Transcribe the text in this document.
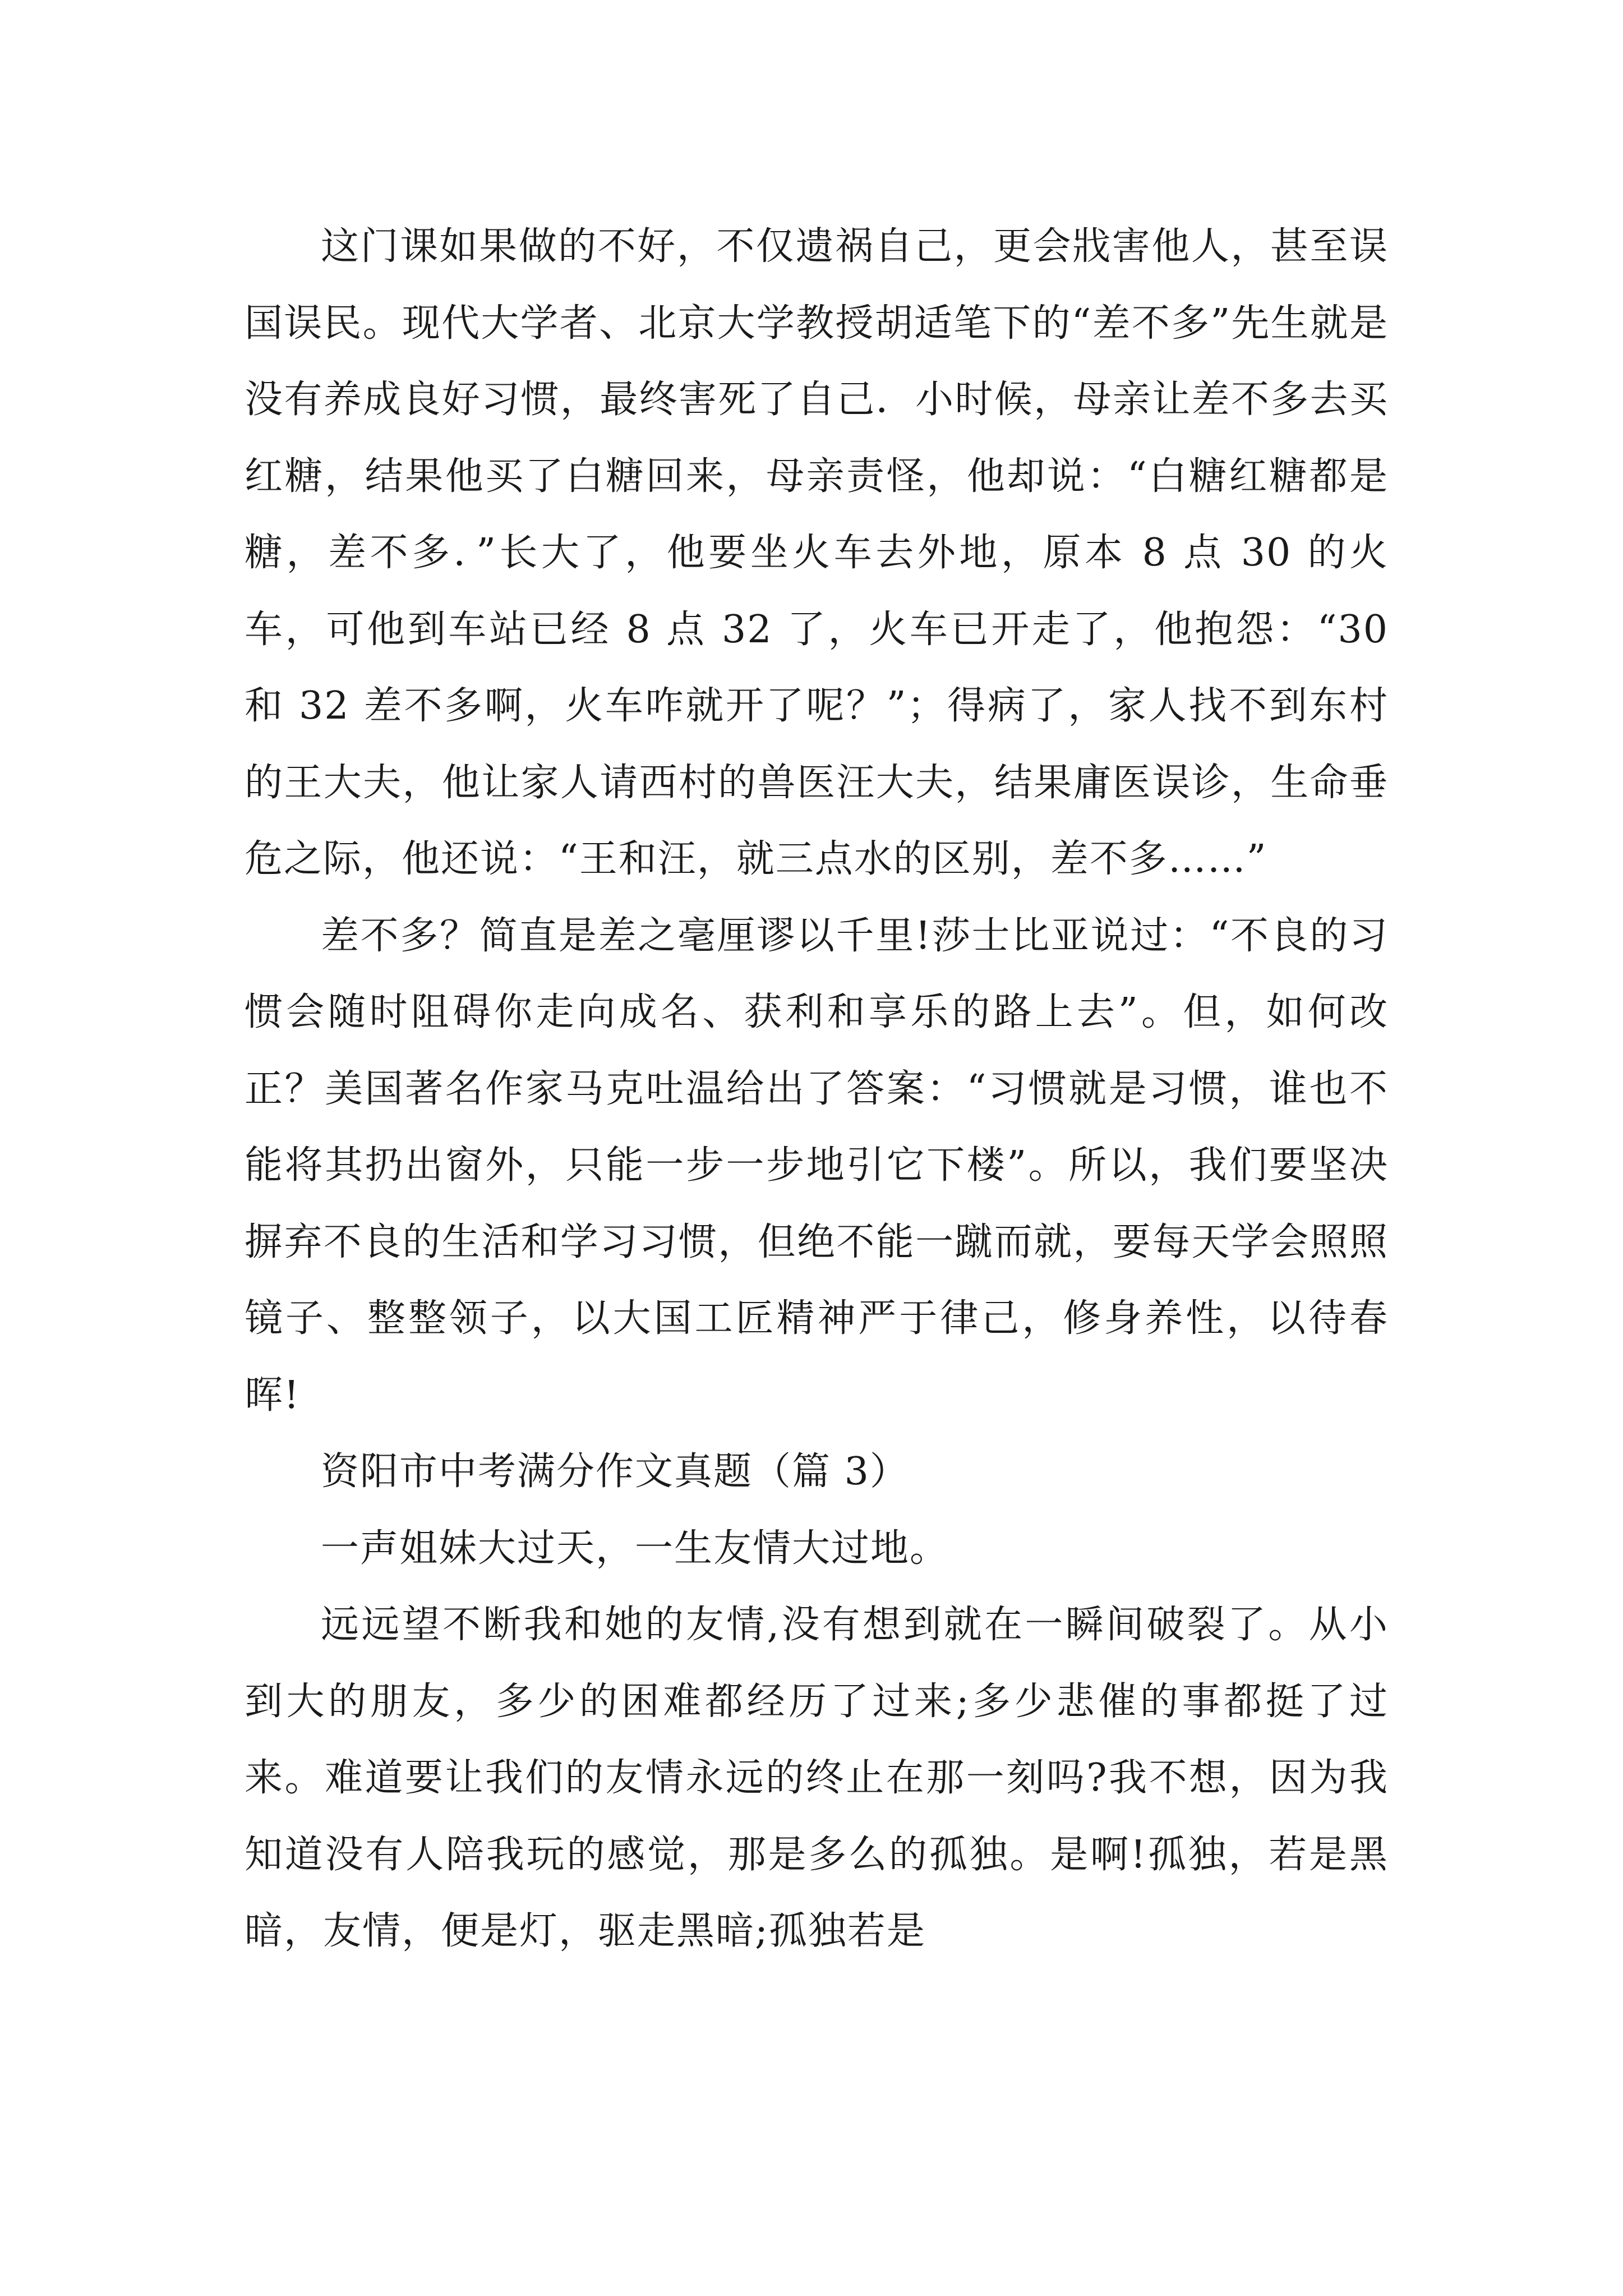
这门课如果做的不好，不仅遗祸自己，更会戕害他人，甚至误国误民。现代大学者、北京大学教授胡适笔下的“差不多”先生就是没有养成良好习惯，最终害死了自己．小时候，母亲让差不多去买红糖，结果他买了白糖回来，母亲责怪，他却说：“白糖红糖都是糖，差不多．”长大了，他要坐火车去外地，原本 8 点 30 的火车，可他到车站已经 8 点 32 了，火车已开走了，他抱怨：“30 和 32 差不多啊，火车咋就开了呢？”；得病了，家人找不到东村的王大夫，他让家人请西村的兽医汪大夫，结果庸医误诊，生命垂危之际，他还说：“王和汪，就三点水的区别，差不多……”

差不多？简直是差之毫厘谬以千里!莎士比亚说过：“不良的习惯会随时阻碍你走向成名、获利和享乐的路上去”。但，如何改正？美国著名作家马克吐温给出了答案：“习惯就是习惯，谁也不能将其扔出窗外，只能一步一步地引它下楼”。所以，我们要坚决摒弃不良的生活和学习习惯，但绝不能一蹴而就，要每天学会照照镜子、整整领子，以大国工匠精神严于律己，修身养性，以待春晖!

资阳市中考满分作文真题（篇 3）

一声姐妹大过天，一生友情大过地。

远远望不断我和她的友情,没有想到就在一瞬间破裂了。从小到大的朋友，多少的困难都经历了过来;多少悲催的事都挺了过来。难道要让我们的友情永远的终止在那一刻吗?我不想，因为我知道没有人陪我玩的感觉，那是多么的孤独。是啊!孤独，若是黑暗，友情，便是灯，驱走黑暗;孤独若是
